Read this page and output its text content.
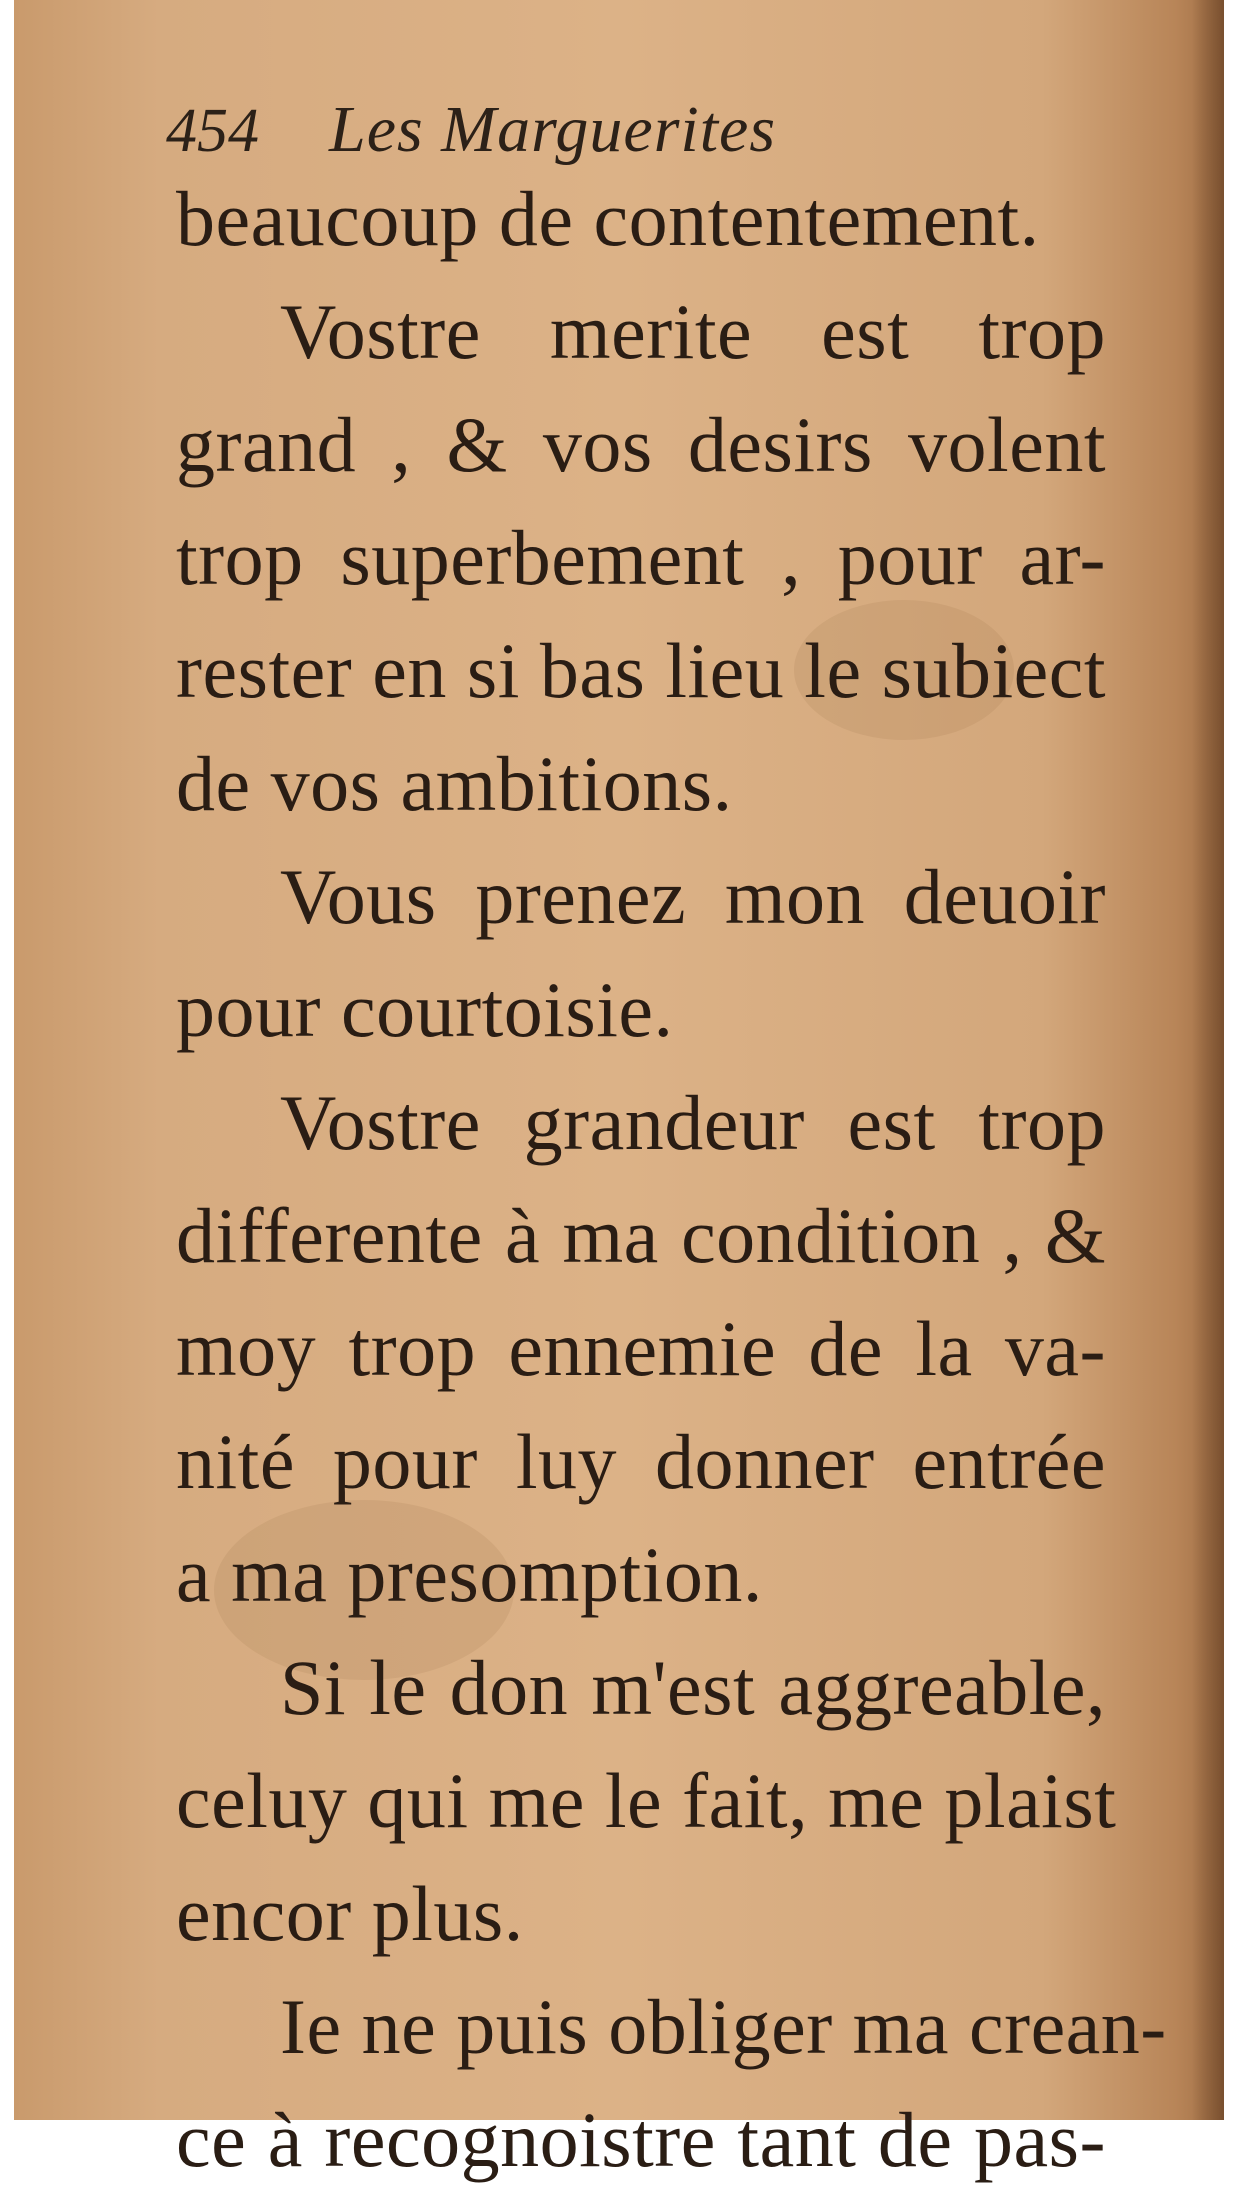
454 Les Marguerites
beaucoup de contentement.
Vostre merite est trop
grand , & vos desirs volent
trop superbement , pour ar-
rester en si bas lieu le subiect
de vos ambitions.
Vous prenez mon deuoir
pour courtoisie.
Vostre grandeur est trop
differente à ma condition , &
moy trop ennemie de la va-
nité pour luy donner entrée
a ma presomption.
Si le don m'est aggreable,
celuy qui me le fait, me plaist
encor plus.
Ie ne puis obliger ma crean-
ce à recognoistre tant de pas-
